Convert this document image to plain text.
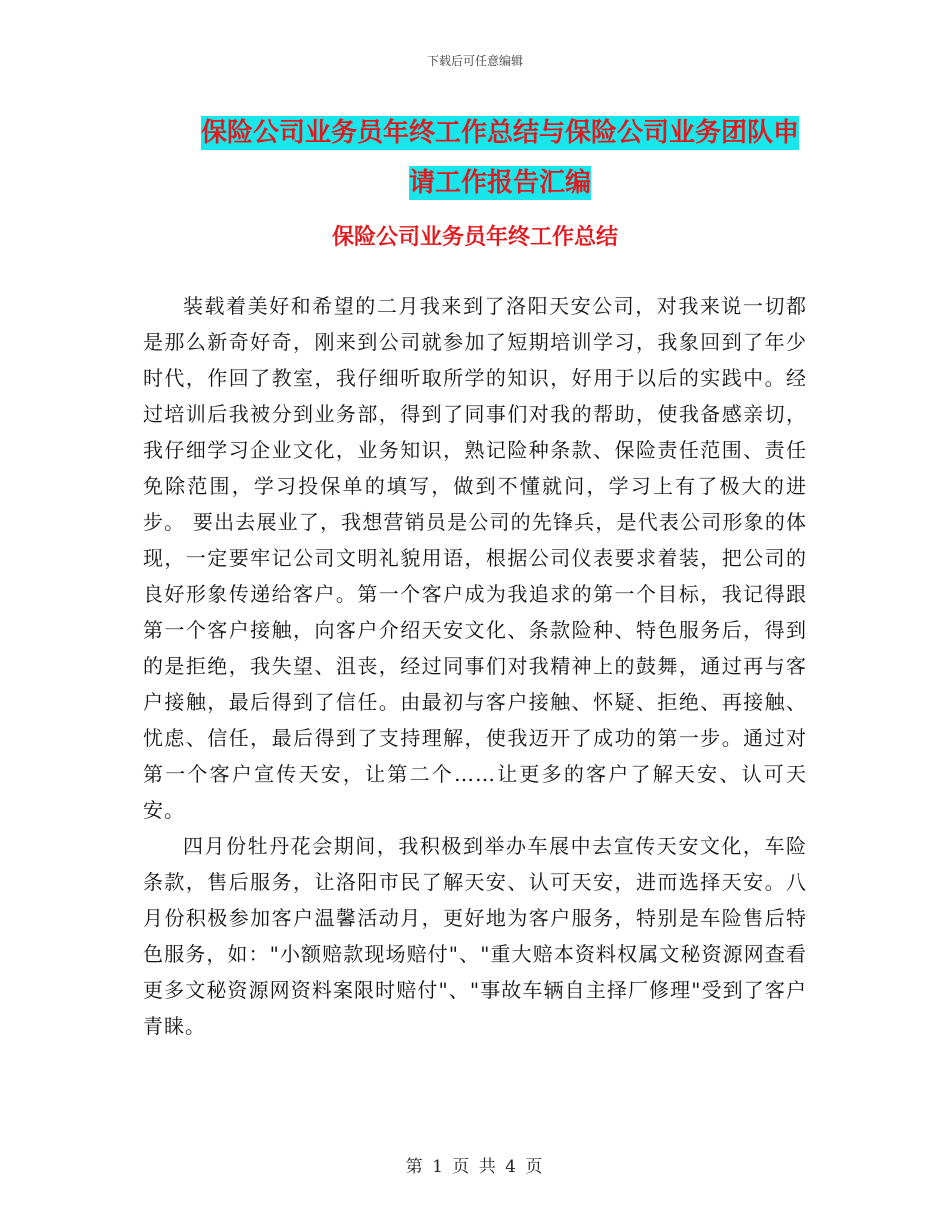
下载后可任意编辑
保险公司业务员年终工作总结与保险公司业务团队申
请工作报告汇编
保险公司业务员年终工作总结

装载着美好和希望的二月我来到了洛阳天安公司，对我来说一切都是那么新奇好奇，刚来到公司就参加了短期培训学习，我象回到了年少时代，作回了教室，我仔细听取所学的知识，好用于以后的实践中。经过培训后我被分到业务部，得到了同事们对我的帮助，使我备感亲切，我仔细学习企业文化，业务知识，熟记险种条款、保险责任范围、责任免除范围，学习投保单的填写，做到不懂就问，学习上有了极大的进步。 要出去展业了，我想营销员是公司的先锋兵，是代表公司形象的体现，一定要牢记公司文明礼貌用语，根据公司仪表要求着装，把公司的良好形象传递给客户。第一个客户成为我追求的第一个目标，我记得跟第一个客户接触，向客户介绍天安文化、条款险种、特色服务后，得到的是拒绝，我失望、沮丧，经过同事们对我精神上的鼓舞，通过再与客户接触，最后得到了信任。由最初与客户接触、怀疑、拒绝、再接触、忧虑、信任，最后得到了支持理解，使我迈开了成功的第一步。通过对第一个客户宣传天安，让第二个……让更多的客户了解天安、认可天安。

四月份牡丹花会期间，我积极到举办车展中去宣传天安文化，车险条款，售后服务，让洛阳市民了解天安、认可天安，进而选择天安。八月份积极参加客户温馨活动月，更好地为客户服务，特别是车险售后特色服务，如："小额赔款现场赔付"、"重大赔本资料权属文秘资源网查看更多文秘资源网资料案限时赔付"、"事故车辆自主择厂修理"受到了客户青睐。

第 1 页 共 4 页
